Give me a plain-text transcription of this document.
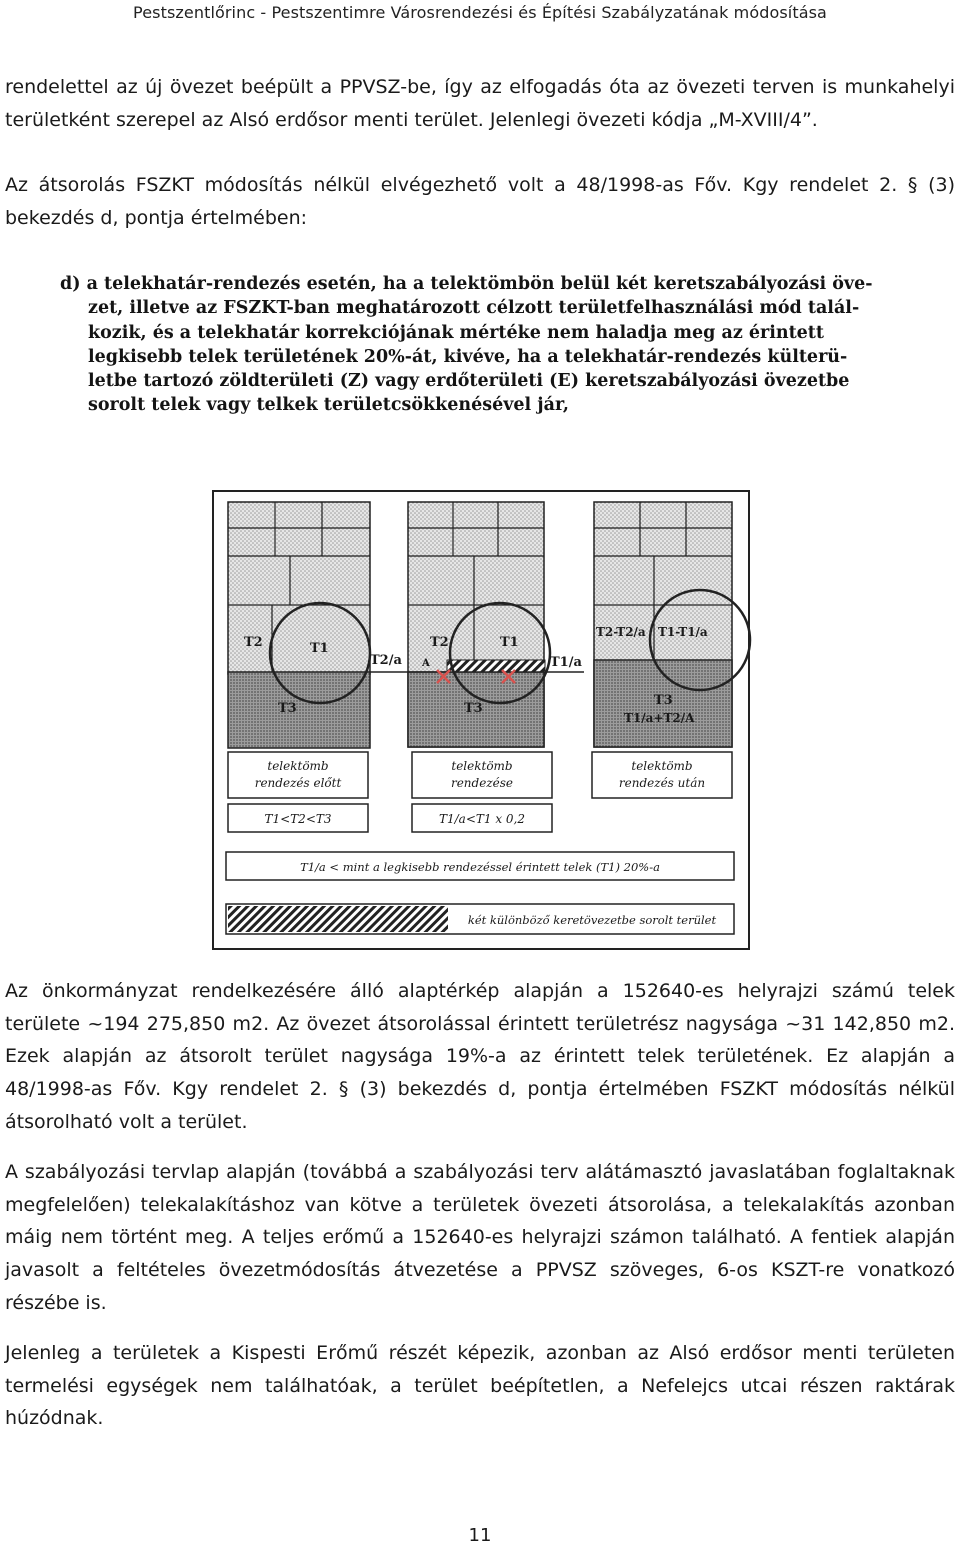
Pestszentlőrinc - Pestszentimre Városrendezési és Építési Szabályzatának módosítása

rendelettel az új övezet beépült a PPVSZ-be, így az elfogadás óta az övezeti terven is munkahelyi területként szerepel az Alsó erdősor menti terület. Jelenlegi övezeti kódja „M-XVIII/4”.

Az átsorolás FSZKT módosítás nélkül elvégezhető volt a 48/1998-as Főv. Kgy rendelet 2. § (3) bekezdés d, pontja értelmében:

d) a telekhatár-rendezés esetén, ha a telektömbön belül két keretszabályozási öve-
zet, illetve az FSZKT-ban meghatározott célzott területfelhasználási mód talál-
kozik, és a telekhatár korrekciójának mértéke nem haladja meg az érintett
legkisebb telek területének 20%-át, kivéve, ha a telekhatár-rendezés külterü-
letbe tartozó zöldterületi (Z) vagy erdőterületi (E) keretszabályozási övezetbe
sorolt telek vagy telkek területcsökkenésével jár,
T2	T1
T3
T2/a
T2	T1
T3
A	T1/a
T2-T2/a T1-T1/a
T3
T1/a+T2/A
telektömb
rendezés előtt
telektömb
rendezése
telektömb
rendezés után
T1<T2<T3	T1/a<T1 x 0,2
T1/a < mint a legkisebb rendezéssel érintett telek (T1) 20%-a
két különböző keretövezetbe sorolt terület

Az önkormányzat rendelkezésére álló alaptérkép alapján a 152640-es helyrajzi számú telek területe ~194 275,850 m2. Az övezet átsorolással érintett területrész nagysága ~31 142,850 m2. Ezek alapján az átsorolt terület nagysága 19%-a az érintett telek területének. Ez alapján a 48/1998-as Főv. Kgy rendelet 2. § (3) bekezdés d, pontja értelmében FSZKT módosítás nélkül átsorolható volt a terület.

A szabályozási tervlap alapján (továbbá a szabályozási terv alátámasztó javaslatában foglaltaknak megfelelően) telekalakításhoz van kötve a területek övezeti átsorolása, a telekalakítás azonban máig nem történt meg. A teljes erőmű a 152640-es helyrajzi számon található. A fentiek alapján javasolt a feltételes övezetmódosítás átvezetése a PPVSZ szöveges, 6-os KSZT-re vonatkozó részébe is.

Jelenleg a területek a Kispesti Erőmű részét képezik, azonban az Alsó erdősor menti területen termelési egységek nem találhatóak, a terület beépítetlen, a Nefelejcs utcai részen raktárak húzódnak.

11
